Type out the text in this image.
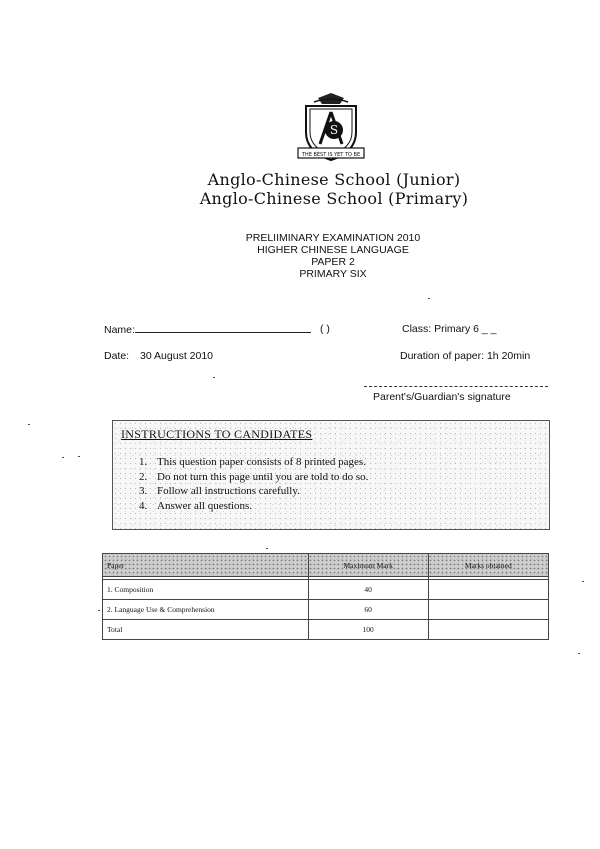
S
THE BEST IS YET TO BE
Anglo-Chinese School (Junior)
Anglo-Chinese School (Primary)
PRELIIMINARY EXAMINATION 2010
HIGHER CHINESE LANGUAGE
PAPER 2
PRIMARY SIX
Name:	( )	Class: Primary 6 _ _
Date: 30 August 2010	Duration of paper: 1h 20min
Parent's/Guardian's signature
INSTRUCTIONS TO CANDIDATES
1. This question paper consists of 8 printed pages.
2. Do not turn this page until you are told to do so.
3. Follow all instructions carefully.
4. Answer all questions.
Paper	Maximum Mark	Marks obtained

1. Composition	40	
2. Language Use & Comprehension	60	
Total	100	
